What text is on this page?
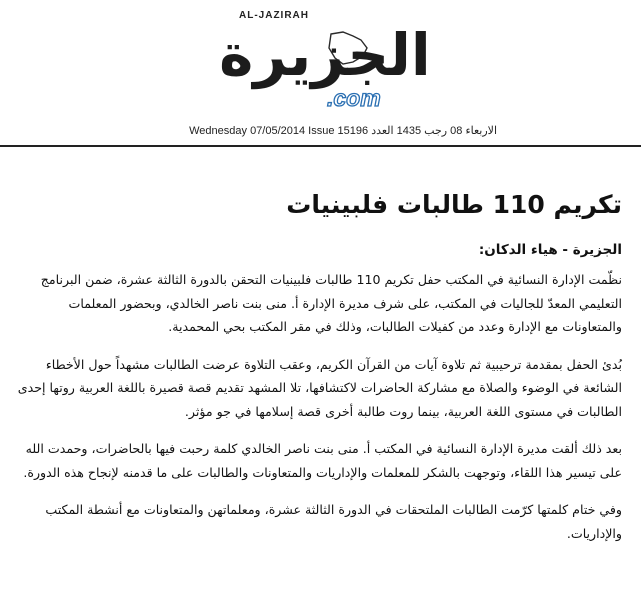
AL-JAZIRAH
الجزيرة
.com
Wednesday 07/05/2014 Issue 15196 الاربعاء 08 رجب 1435 العدد
تكريم 110 طالبات فلبينيات

الجزيرة - هياء الدكان:

نظّمت الإدارة النسائية في المكتب حفل تكريم 110 طالبات فلبينيات التحقن بالدورة الثالثة عشرة، ضمن البرنامج التعليمي المعدّ للجاليات في المكتب، على شرف مديرة الإدارة أ. منى بنت ناصر الخالدي، وبحضور المعلمات والمتعاونات مع الإدارة وعدد من كفيلات الطالبات، وذلك في مقر المكتب بحي المحمدية.

بُدئ الحفل بمقدمة ترحيبية ثم تلاوة آيات من القرآن الكريم، وعقب التلاوة عرضت الطالبات مشهداً حول الأخطاء الشائعة في الوضوء والصلاة مع مشاركة الحاضرات لاكتشافها، تلا المشهد تقديم قصة قصيرة باللغة العربية روتها إحدى الطالبات في مستوى اللغة العربية، بينما روت طالبة أخرى قصة إسلامها في جو مؤثر.

بعد ذلك ألقت مديرة الإدارة النسائية في المكتب أ. منى بنت ناصر الخالدي كلمة رحبت فيها بالحاضرات، وحمدت الله على تيسير هذا اللقاء، وتوجهت بالشكر للمعلمات والإداريات والمتعاونات والطالبات على ما قدمنه لإنجاح هذه الدورة.

وفي ختام كلمتها كرّمت الطالبات الملتحقات في الدورة الثالثة عشرة، ومعلماتهن والمتعاونات مع أنشطة المكتب والإداريات.
